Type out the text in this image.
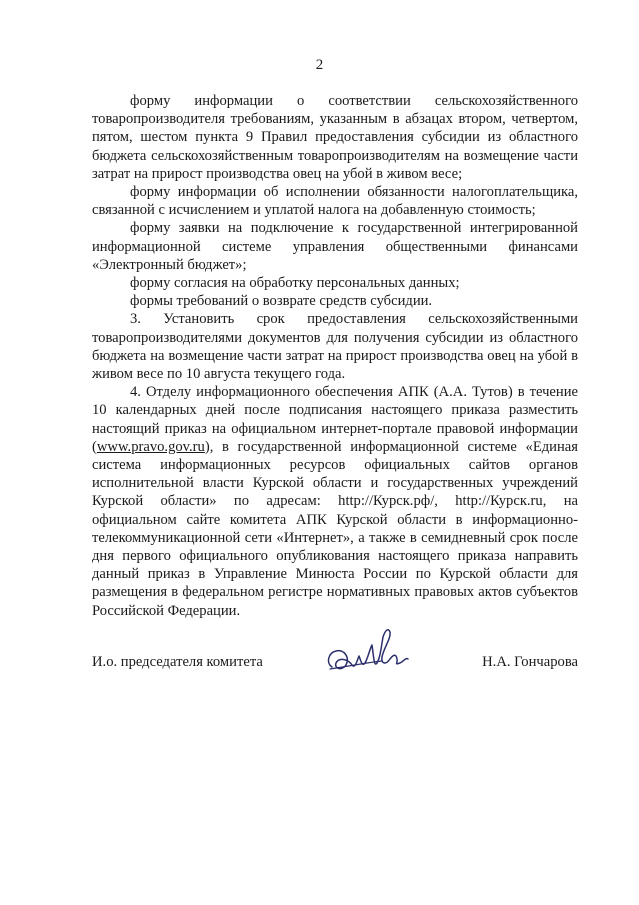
2

форму информации о соответствии сельскохозяйственного товаропроизводителя требованиям, указанным в абзацах втором, четвертом, пятом, шестом пункта 9 Правил предоставления субсидии из областного бюджета сельскохозяйственным товаропроизводителям на возмещение части затрат на прирост производства овец на убой в живом весе;

форму информации об исполнении обязанности налогоплательщика, связанной с исчислением и уплатой налога на добавленную стоимость;

форму заявки на подключение к государственной интегрированной информационной системе управления общественными финансами «Электронный бюджет»;

форму согласия на обработку персональных данных;

формы требований о возврате средств субсидии.

3. Установить срок предоставления сельскохозяйственными товаропроизводителями документов для получения субсидии из областного бюджета на возмещение части затрат на прирост производства овец на убой в живом весе по 10 августа текущего года.

4. Отделу информационного обеспечения АПК (А.А. Тутов) в течение 10 календарных дней после подписания настоящего приказа разместить настоящий приказ на официальном интернет-портале правовой информации (www.pravo.gov.ru), в государственной информационной системе «Единая система информационных ресурсов официальных сайтов органов исполнительной власти Курской области и государственных учреждений Курской области» по адресам: http://Курск.рф/, http://Курск.ru, на официальном сайте комитета АПК Курской области в информационно-телекоммуникационной сети «Интернет», а также в семидневный срок после дня первого официального опубликования настоящего приказа направить данный приказ в Управление Минюста России по Курской области для размещения в федеральном регистре нормативных правовых актов субъектов Российской Федерации.

И.о. председателя комитета	Н.А. Гончарова
